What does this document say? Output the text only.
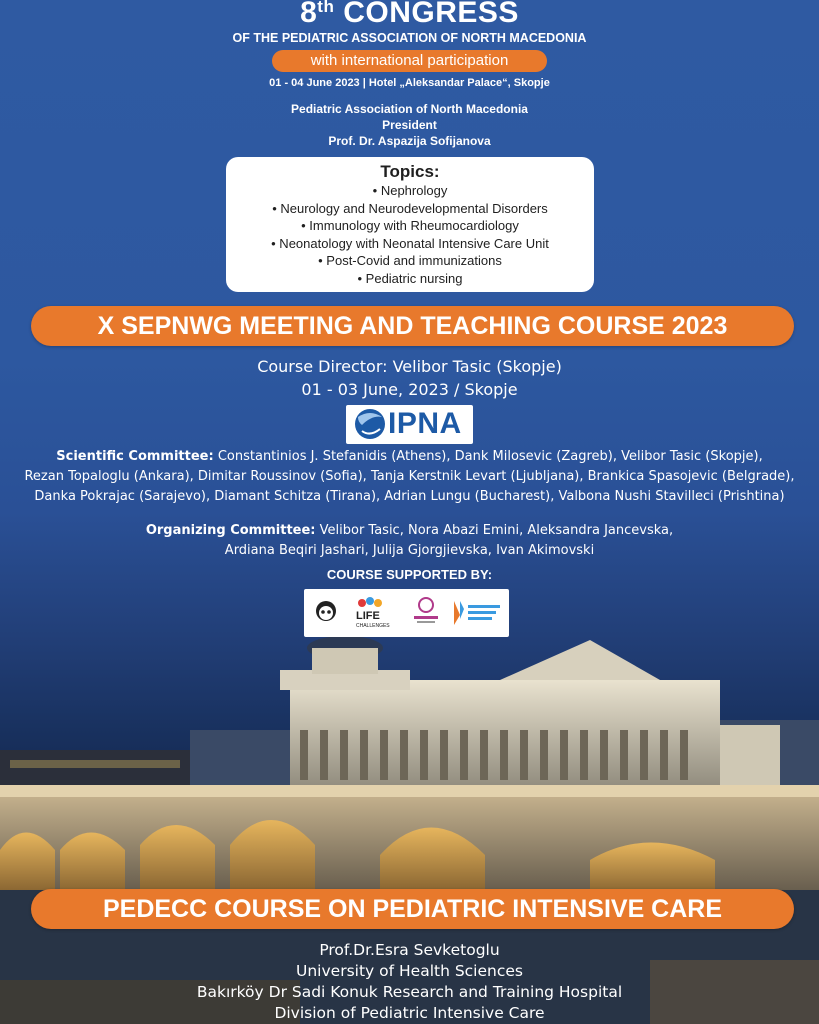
8th CONGRESS
OF THE PEDIATRIC ASSOCIATION OF NORTH MACEDONIA
with international participation
01 - 04 June 2023 | Hotel „Aleksandar Palace“, Skopje
Pediatric Association of North Macedonia
President
Prof. Dr. Aspazija Sofijanova
Topics:
• Nephrology
• Neurology and Neurodevelopmental Disorders
• Immunology with Rheumocardiology
• Neonatology with Neonatal Intensive Care Unit
• Post-Covid and immunizations
• Pediatric nursing
X SEPNWG MEETING AND TEACHING COURSE 2023
Course Director: Velibor Tasic (Skopje)
01 - 03 June, 2023 / Skopje
IPNA
Scientific Committee: Constantinios J. Stefanidis (Athens), Dank Milosevic (Zagreb), Velibor Tasic (Skopje),
Rezan Topaloglu (Ankara), Dimitar Roussinov (Sofia), Tanja Kerstnik Levart (Ljubljana), Brankica Spasojevic (Belgrade),
Danka Pokrajac (Sarajevo), Diamant Schitza (Tirana), Adrian Lungu (Bucharest), Valbona Nushi Stavilleci (Prishtina)
Organizing Committee: Velibor Tasic, Nora Abazi Emini, Aleksandra Jancevska,
Ardiana Beqiri Jashari, Julija Gjorgjievska, Ivan Akimovski
COURSE SUPPORTED BY:
LIFE
CHALLENGES
PEDECC COURSE ON PEDIATRIC INTENSIVE CARE
Prof.Dr.Esra Sevketoglu
University of Health Sciences
Bakırköy Dr Sadi Konuk Research and Training Hospital
Division of Pediatric Intensive Care
